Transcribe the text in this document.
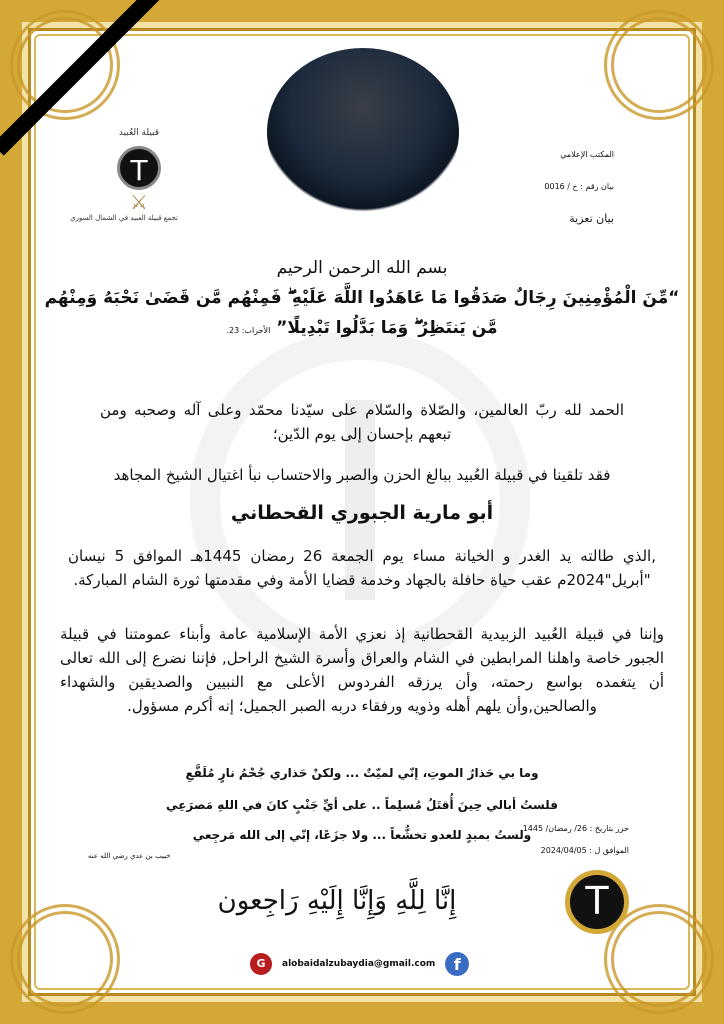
قبيلة العُبيد
T
⚔
تجمع قبيلة العبيد في الشمال السوري
المكتب الإعلامي
بيان رقم : خ / 0016
بيان تعزية
بسم الله الرحمن الرحيم
“مِّنَ الْمُؤْمِنِينَ رِجَالٌ صَدَقُوا مَا عَاهَدُوا اللَّهَ عَلَيْهِ ۖ فَمِنْهُم مَّن قَضَىٰ نَحْبَهُ وَمِنْهُم
مَّن يَنتَظِرُ ۖ وَمَا بَدَّلُوا تَبْدِيلًا” الأحزاب: 23.
الحمد لله ربّ العالمين، والصّلاة والسّلام على سيّدنا محمّد وعلى آله وصحبه ومن تبعهم بإحسان إلى يوم الدّين؛
فقد تلقينا في قبيلة العُبيد ببالغ الحزن والصبر والاحتساب نبأ اغتيال الشيخ المجاهد
أبو مارية الجبوري القحطاني
,الذي طالته يد الغدر و الخيانة مساء يوم الجمعة 26 رمضان 1445هـ الموافق 5 نيسان "أبريل"2024م عقب حياة حافلة بالجهاد وخدمة قضايا الأمة وفي مقدمتها ثورة الشام المباركة.
وإننا في قبيلة العُبيد الزبيدية القحطانية إذ نعزي الأمة الإسلامية عامة وأبناء عمومتنا في قبيلة الجبور خاصة واهلنا المرابطين في الشام والعراق وأسرة الشيخ الراحل, فإننا نضرع إلى الله تعالى أن يتغمده بواسع رحمته، وأن يرزقه الفردوس الأعلى مع النبيين والصديقين والشهداء والصالحين,وأن يلهم أهله وذويه ورفقاء دربه الصبر الجميل؛ إنه أكرم مسؤول.
وما بي حَذارُ الموتِ، إنّي لميّتٌ ... ولكنْ حَذاري جُحْمُ نارٍ مُلَفَّعِ
فلستُ أبالي حِينَ أُقتَلُ مُسلِماً .. على أيِّ جَنْبٍ كانَ في اللهِ مَصرَعِي
ولستُ بمبدٍ للعدو تخشُّعاً ... ولا جزَعًا، إنّي إلى الله مَرجِعي
خبيب بن عدي رضي الله عنه
حرر بتاريخ : 26/ رمضان/ 1445
الموافق ل : 2024/04/05
إِنَّا لِلَّهِ وَإِنَّا إِلَيْهِ رَاجِعون	T
G	alobaidalzubaydia@gmail.com	f
